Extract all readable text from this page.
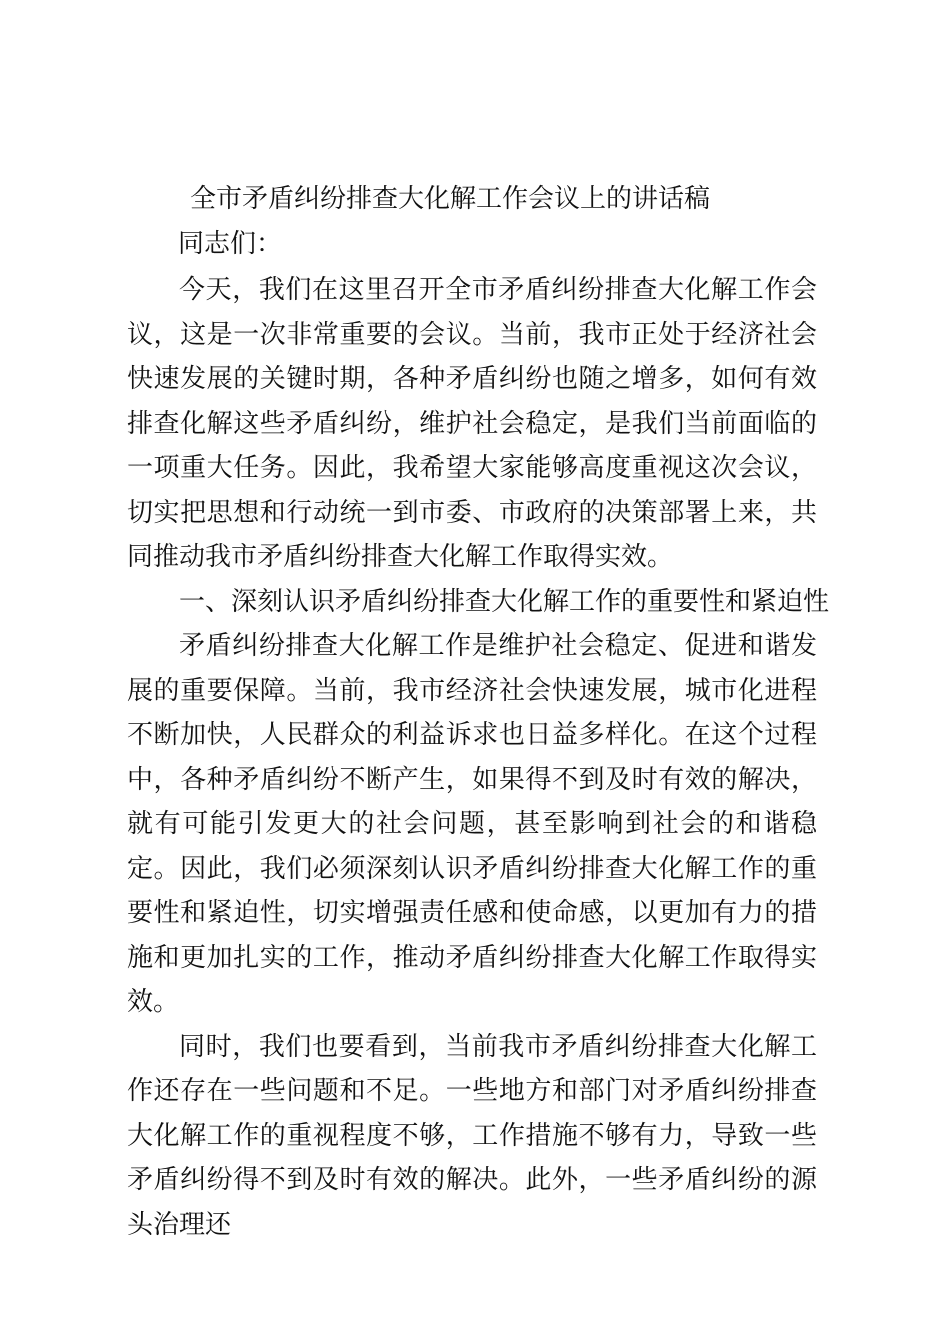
全市矛盾纠纷排查大化解工作会议上的讲话稿
同志们：

今天，我们在这里召开全市矛盾纠纷排查大化解工作会议，这是一次非常重要的会议。当前，我市正处于经济社会快速发展的关键时期，各种矛盾纠纷也随之增多，如何有效排查化解这些矛盾纠纷，维护社会稳定，是我们当前面临的一项重大任务。因此，我希望大家能够高度重视这次会议，切实把思想和行动统一到市委、市政府的决策部署上来，共同推动我市矛盾纠纷排查大化解工作取得实效。

一、深刻认识矛盾纠纷排查大化解工作的重要性和紧迫性

矛盾纠纷排查大化解工作是维护社会稳定、促进和谐发展的重要保障。当前，我市经济社会快速发展，城市化进程不断加快，人民群众的利益诉求也日益多样化。在这个过程中，各种矛盾纠纷不断产生，如果得不到及时有效的解决，就有可能引发更大的社会问题，甚至影响到社会的和谐稳定。因此，我们必须深刻认识矛盾纠纷排查大化解工作的重要性和紧迫性，切实增强责任感和使命感，以更加有力的措施和更加扎实的工作，推动矛盾纠纷排查大化解工作取得实效。

同时，我们也要看到，当前我市矛盾纠纷排查大化解工作还存在一些问题和不足。一些地方和部门对矛盾纠纷排查大化解工作的重视程度不够，工作措施不够有力，导致一些矛盾纠纷得不到及时有效的解决。此外，一些矛盾纠纷的源头治理还
